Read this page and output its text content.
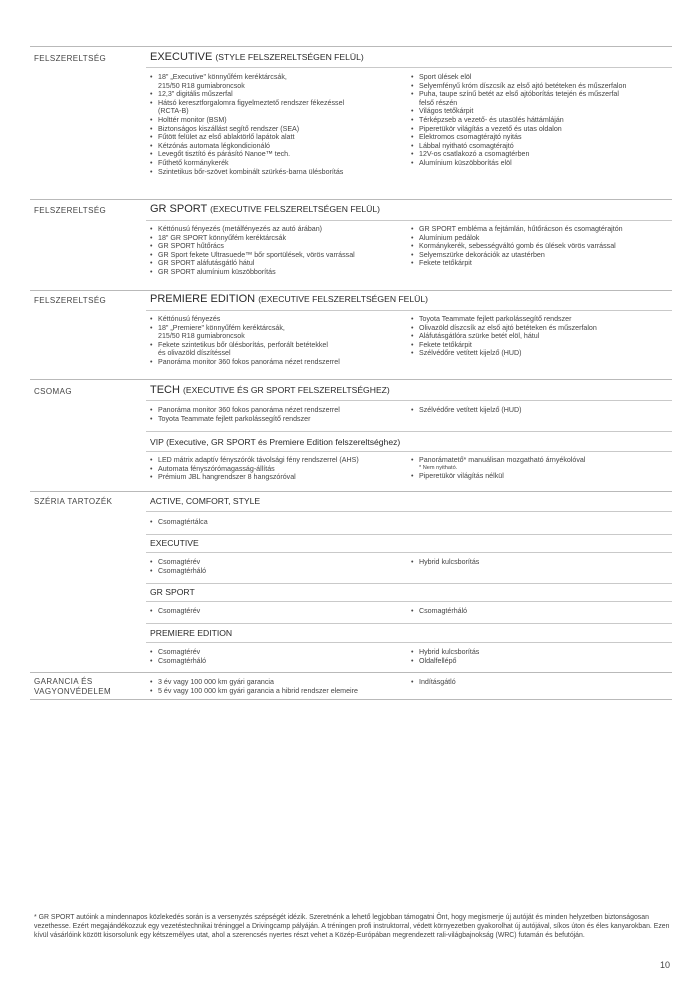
FELSZERELTSÉG	EXECUTIVE (STYLE FELSZERELTSÉGEN FELÜL)
• 18" „Executive" könnyűfém keréktárcsák,
215/50 R18 gumiabroncsok
• 12,3" digitális műszerfal
• Hátsó keresztforgalomra figyelmeztető rendszer fékezéssel
(RCTA-B)
• Holttér monitor (BSM)
• Biztonságos kiszállást segítő rendszer (SEA)
• Fűtött felület az első ablaktörlő lapátok alatt
• Kétzónás automata légkondicionáló
• Levegőt tisztító és párásító Nanoe™ tech.
• Fűthető kormánykerék
• Szintetikus bőr-szövet kombinált szürkés-barna ülésborítás
• Sport ülések elöl
• Selyemfényű króm díszcsík az első ajtó betéteken és műszerfalon
• Puha, taupe színű betét az első ajtóborítás tetején és műszerfal
felső részén
• Világos tetőkárpit
• Térképzseb a vezető- és utasülés háttámláján
• Piperetükör világítás a vezető és utas oldalon
• Elektromos csomagtérajtó nyitás
• Lábbal nyitható csomagtérajtó
• 12V-os csatlakozó a csomagtérben
• Alumínium küszöbborítás elöl
FELSZERELTSÉG	GR SPORT (EXECUTIVE FELSZERELTSÉGEN FELÜL)
• Kéttónusú fényezés (metálfényezés az autó árában)
• 18" GR SPORT könnyűfém keréktárcsák
• GR SPORT hűtőrács
• GR Sport fekete Ultrasuede™ bőr sportülések, vörös varrással
• GR SPORT aláfutásgátló hátul
• GR SPORT alumínium küszöbborítás
• GR SPORT embléma a fejtámlán, hűtőrácson és csomagtérajtón
• Alumínium pedálok
• Kormánykerék, sebességváltó gomb és ülések vörös varrással
• Selyemszürke dekorációk az utastérben
• Fekete tetőkárpit
FELSZERELTSÉG	PREMIERE EDITION (EXECUTIVE FELSZERELTSÉGEN FELÜL)
• Kéttónusú fényezés
• 18" „Premiere" könnyűfém keréktárcsák,
215/50 R18 gumiabroncsok
• Fekete szintetikus bőr ülésborítás, perforált betétekkel
és olivazöld díszítéssel
• Panoráma monitor 360 fokos panoráma nézet rendszerrel
• Toyota Teammate fejlett parkolássegítő rendszer
• Olivazöld díszcsík az első ajtó betéteken és műszerfalon
• Aláfutásgátlóra szürke betét elöl, hátul
• Fekete tetőkárpit
• Szélvédőre vetített kijelző (HUD)
CSOMAG	TECH (EXECUTIVE ÉS GR SPORT FELSZERELTSÉGHEZ)
• Panoráma monitor 360 fokos panoráma nézet rendszerrel
• Toyota Teammate fejlett parkolássegítő rendszer
• Szélvédőre vetített kijelző (HUD)
VIP (Executive, GR SPORT és Premiere Edition felszereltséghez)
• LED mátrix adaptív fényszórók távolsági fény rendszerrel (AHS)
• Automata fényszórómagasság-állítás
• Prémium JBL hangrendszer 8 hangszóróval
• Panorámatető* manuálisan mozgatható árnyékolóval
* Nem nyitható.
• Piperetükör világítás nélkül
SZÉRIA TARTOZÉK	ACTIVE, COMFORT, STYLE
• Csomagtértálca
EXECUTIVE
• Csomagtérév
• Csomagtérháló
• Hybrid kulcsborítás
GR SPORT
• Csomagtérév
•	Csomagtérháló
PREMIERE EDITION
• Csomagtérév
• Csomagtérháló
• Hybrid kulcsborítás
• Oldalfellépő
GARANCIA ÉS
VAGYONVÉDELEM
• 3 év vagy 100 000 km gyári garancia
• 5 év vagy 100 000 km gyári garancia a hibrid rendszer elemeire
• Indításgátló
* GR SPORT autóink a mindennapos közlekedés során is a versenyzés szépségét idézik. Szeretnénk a lehető legjobban támogatni Önt, hogy megismerje új autóját és minden helyzetben biztonságosan vezethesse. Ezért megajándékozzuk egy vezetéstechnikai tréninggel a Drivingcamp pályáján. A tréningen profi instruktorral, védett környezetben gyakorolhat új autójával, síkos úton és éles kanyarokban. Ezen kívül vásárlóink között kisorsolunk egy kétszemélyes utat, ahol a szerencsés nyertes részt vehet a Közép-Európában megrendezett rali-világbajnokság (WRC) futamán és befutóján.
10
